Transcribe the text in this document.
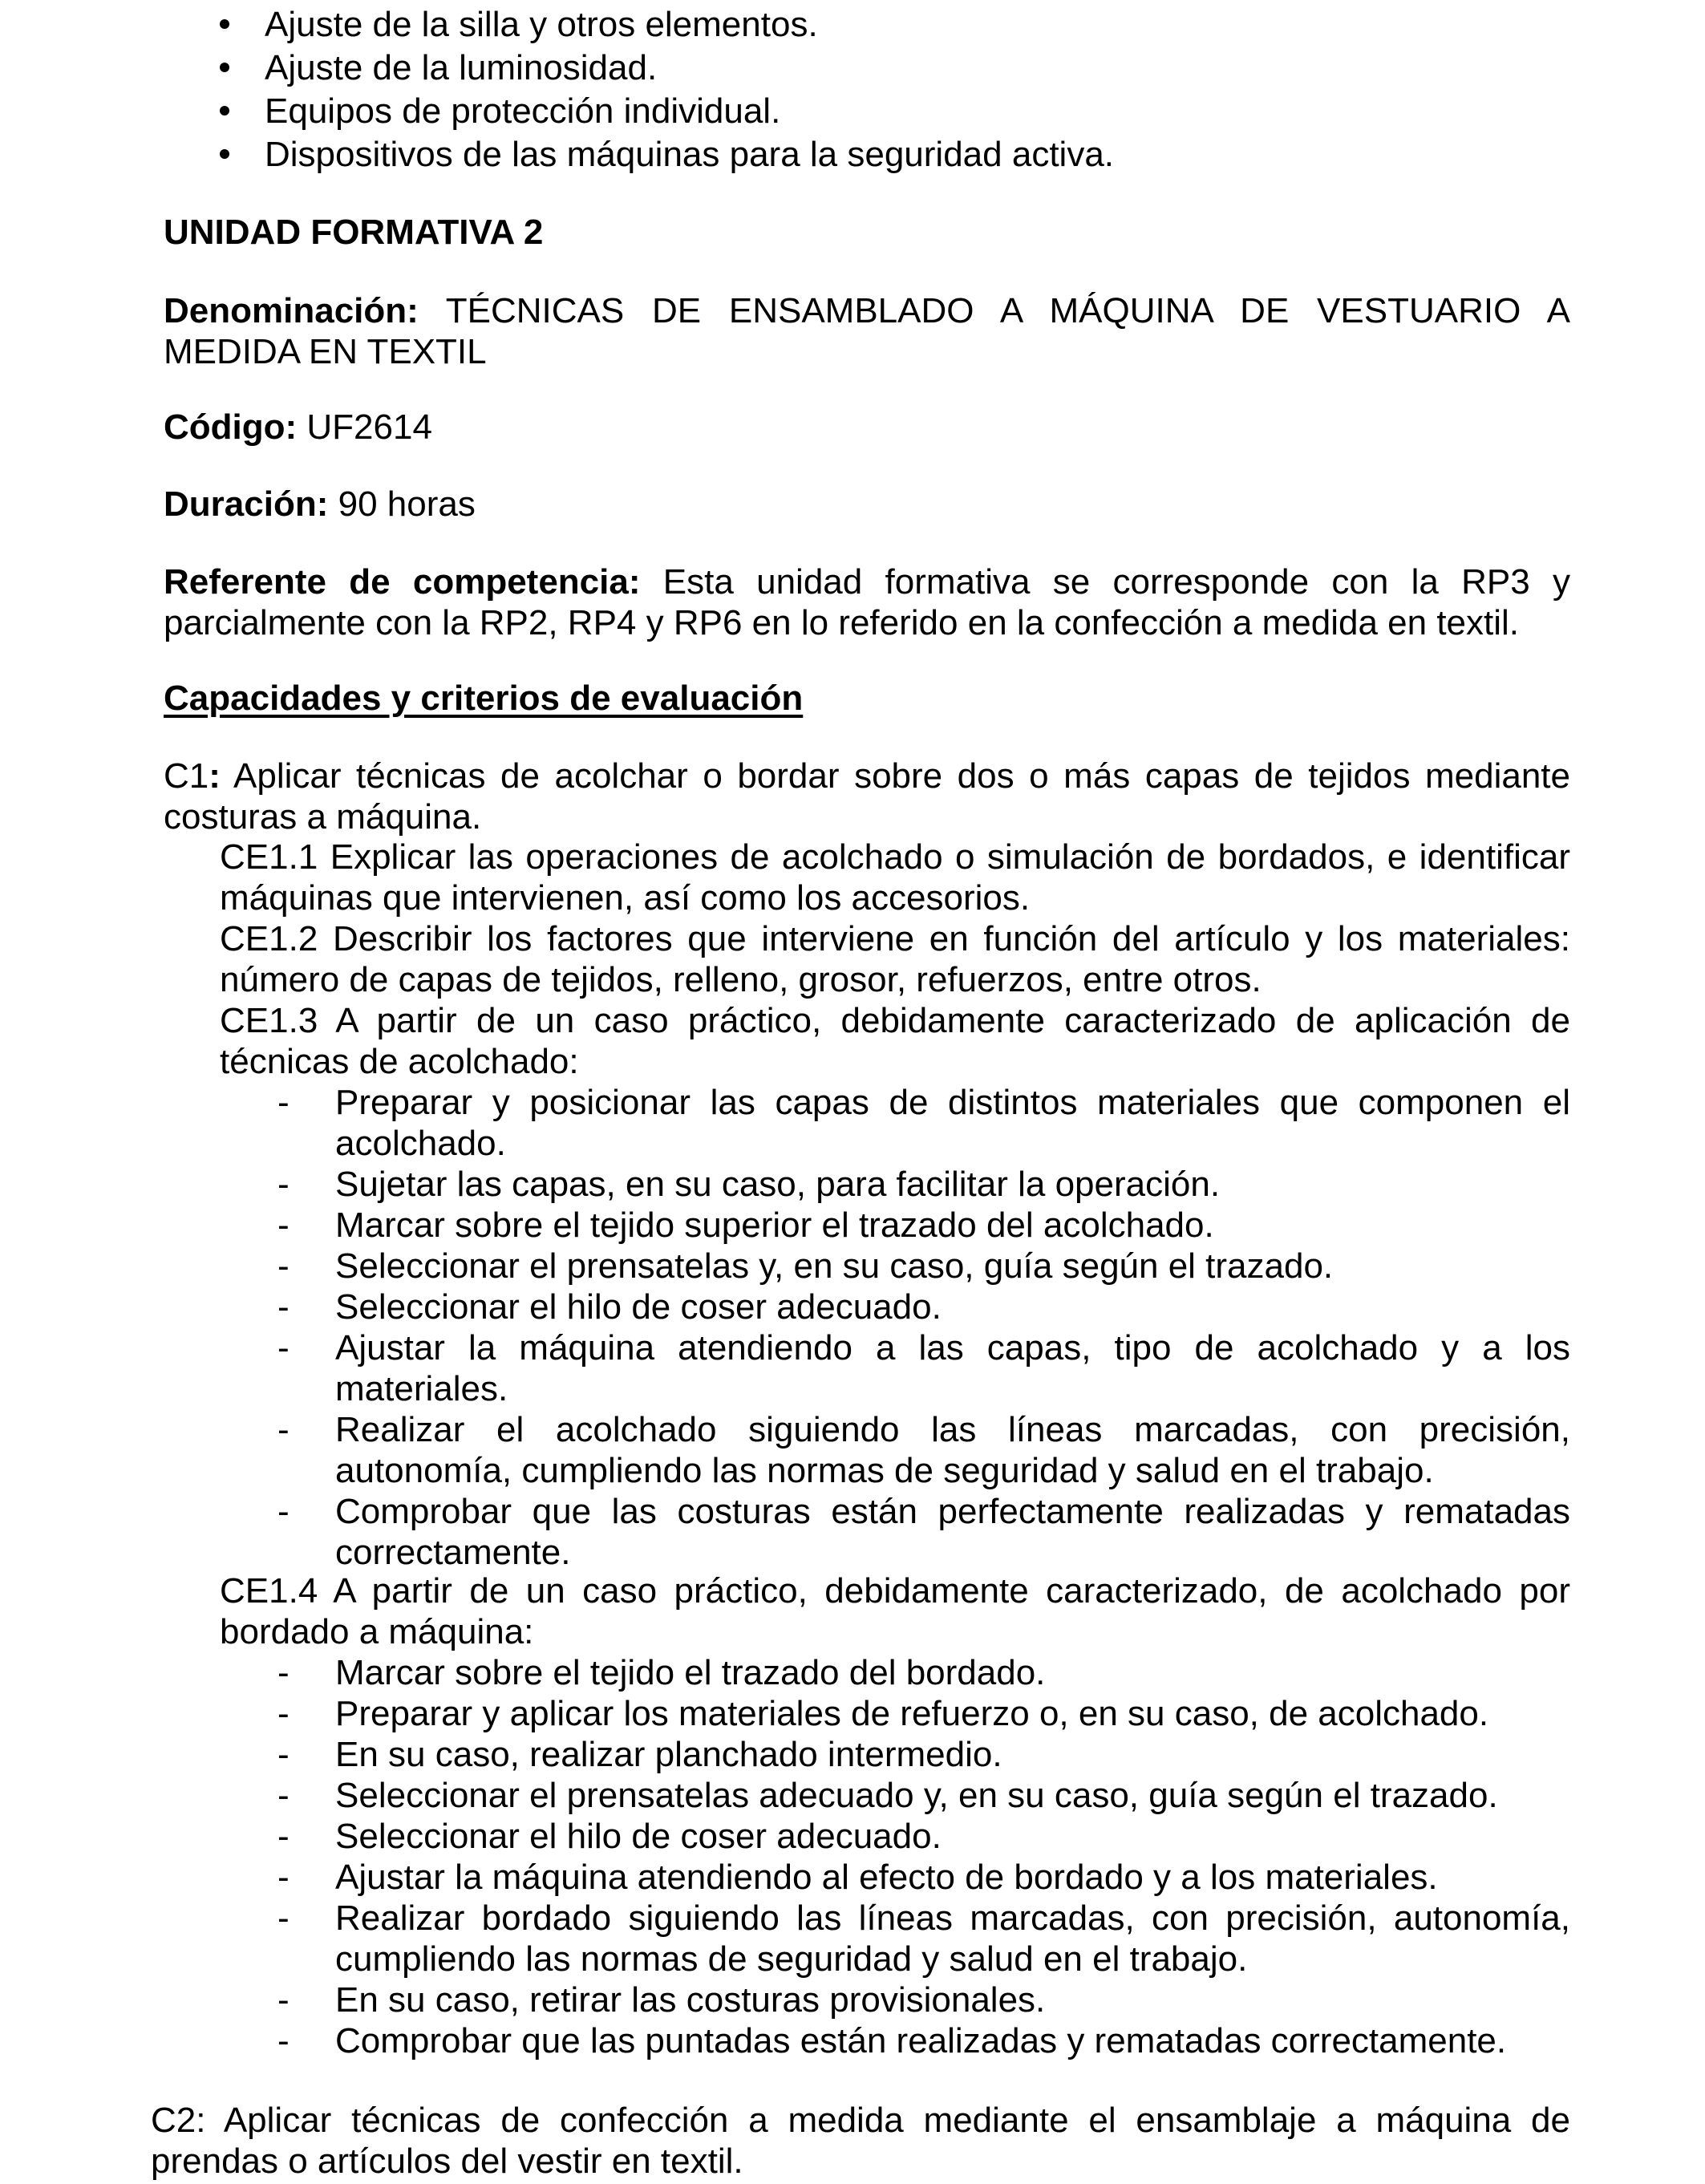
Ajuste de la silla y otros elementos.
Ajuste de la luminosidad.
Equipos de protección individual.
Dispositivos de las máquinas para la seguridad activa.
UNIDAD FORMATIVA 2
Denominación: TÉCNICAS DE ENSAMBLADO A MÁQUINA DE VESTUARIO A MEDIDA EN TEXTIL
Código: UF2614
Duración: 90 horas
Referente de competencia: Esta unidad formativa se corresponde con la RP3 y parcialmente con la RP2, RP4 y RP6 en lo referido en la confección a medida en textil.
Capacidades y criterios de evaluación
C1: Aplicar técnicas de acolchar o bordar sobre dos o más capas de tejidos mediante costuras a máquina.
CE1.1 Explicar las operaciones de acolchado o simulación de bordados, e identificar máquinas que intervienen, así como los accesorios.
CE1.2 Describir los factores que interviene en función del artículo y los materiales: número de capas de tejidos, relleno, grosor, refuerzos, entre otros.
CE1.3 A partir de un caso práctico, debidamente caracterizado de aplicación de técnicas de acolchado:
- Preparar y posicionar las capas de distintos materiales que componen el acolchado.
- Sujetar las capas, en su caso, para facilitar la operación.
- Marcar sobre el tejido superior el trazado del acolchado.
- Seleccionar el prensatelas y, en su caso, guía según el trazado.
- Seleccionar el hilo de coser adecuado.
- Ajustar la máquina atendiendo a las capas, tipo de acolchado y a los materiales.
- Realizar el acolchado siguiendo las líneas marcadas, con precisión, autonomía, cumpliendo las normas de seguridad y salud en el trabajo.
- Comprobar que las costuras están perfectamente realizadas y rematadas correctamente.
CE1.4 A partir de un caso práctico, debidamente caracterizado, de acolchado por bordado a máquina:
- Marcar sobre el tejido el trazado del bordado.
- Preparar y aplicar los materiales de refuerzo o, en su caso, de acolchado.
- En su caso, realizar planchado intermedio.
- Seleccionar el prensatelas adecuado y, en su caso, guía según el trazado.
- Seleccionar el hilo de coser adecuado.
- Ajustar la máquina atendiendo al efecto de bordado y a los materiales.
- Realizar bordado siguiendo las líneas marcadas, con precisión, autonomía, cumpliendo las normas de seguridad y salud en el trabajo.
- En su caso, retirar las costuras provisionales.
- Comprobar que las puntadas están realizadas y rematadas correctamente.
C2: Aplicar técnicas de confección a medida mediante el ensamblaje a máquina de prendas o artículos del vestir en textil.
